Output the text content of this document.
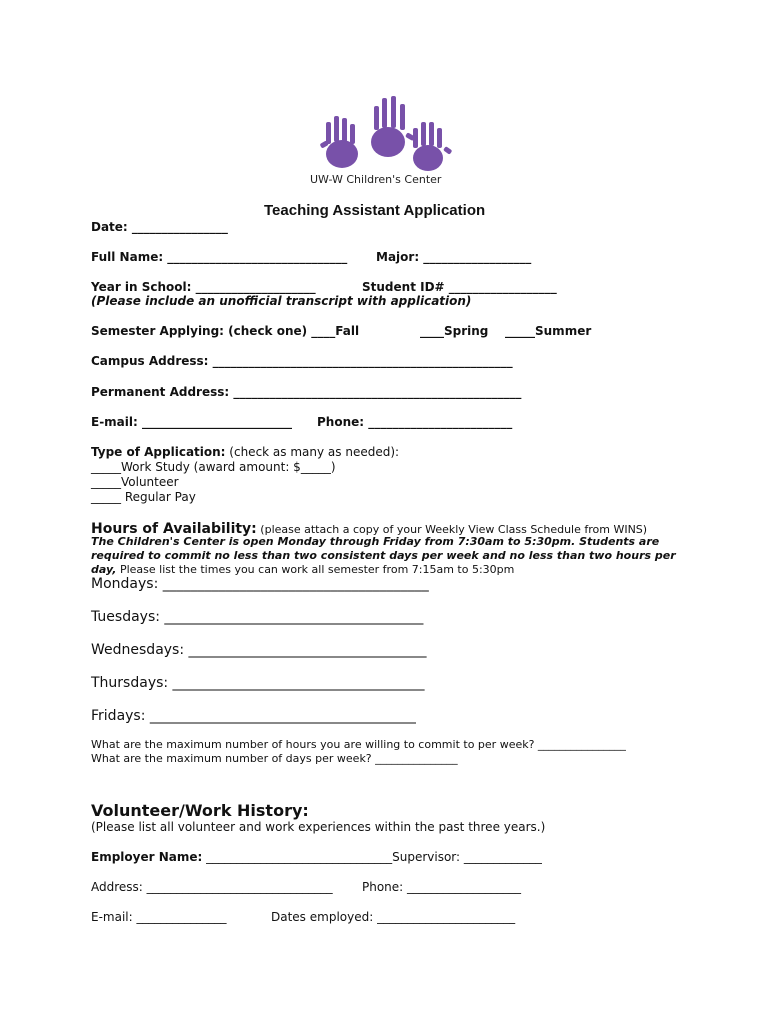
UW-W Children's Center
Teaching Assistant Application
Date: ________________
Full Name: ______________________________ Major: __________________
Year in School: ____________________	Student ID# __________________
(Please include an unofficial transcript with application)
Semester Applying: (check one) ____Fall	____Spring _____Summer
Campus Address: __________________________________________________
Permanent Address: ________________________________________________
E-mail: _________________________ Phone: ________________________
Type of Application: (check as many as needed):
_____Work Study (award amount: $_____)
_____Volunteer
_____ Regular Pay
Hours of Availability: (please attach a copy of your Weekly View Class Schedule from WINS)
The Children's Center is open Monday through Friday from 7:30am to 5:30pm. Students are required to commit no less than two consistent days per week and no less than two hours per day, Please list the times you can work all semester from 7:15am to 5:30pm
Mondays: ______________________________________
Tuesdays: _____________________________________
Wednesdays: __________________________________
Thursdays: ____________________________________
Fridays: ______________________________________
What are the maximum number of hours you are willing to commit to per week? ________________
What are the maximum number of days per week? _______________
Volunteer/Work History:
(Please list all volunteer and work experiences within the past three years.)
Employer Name: _______________________________Supervisor: _____________
Address: _______________________________ Phone: ___________________
E-mail: _______________	Dates employed: _______________________
